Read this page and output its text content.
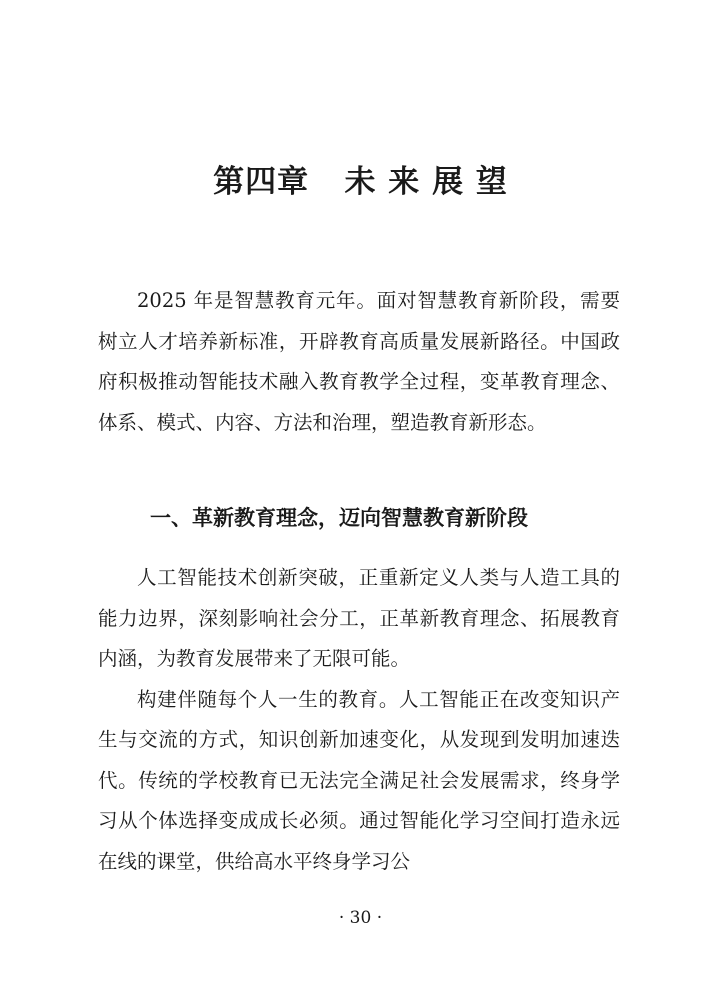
第四章   未 来 展 望

2025 年是智慧教育元年。面对智慧教育新阶段，需要树立人才培养新标准，开辟教育高质量发展新路径。中国政府积极推动智能技术融入教育教学全过程，变革教育理念、体系、模式、内容、方法和治理，塑造教育新形态。

一、革新教育理念，迈向智慧教育新阶段

人工智能技术创新突破，正重新定义人类与人造工具的能力边界，深刻影响社会分工，正革新教育理念、拓展教育内涵，为教育发展带来了无限可能。

构建伴随每个人一生的教育。人工智能正在改变知识产生与交流的方式，知识创新加速变化，从发现到发明加速迭代。传统的学校教育已无法完全满足社会发展需求，终身学习从个体选择变成成长必须。通过智能化学习空间打造永远在线的课堂，供给高水平终身学习公

· 30 ·
